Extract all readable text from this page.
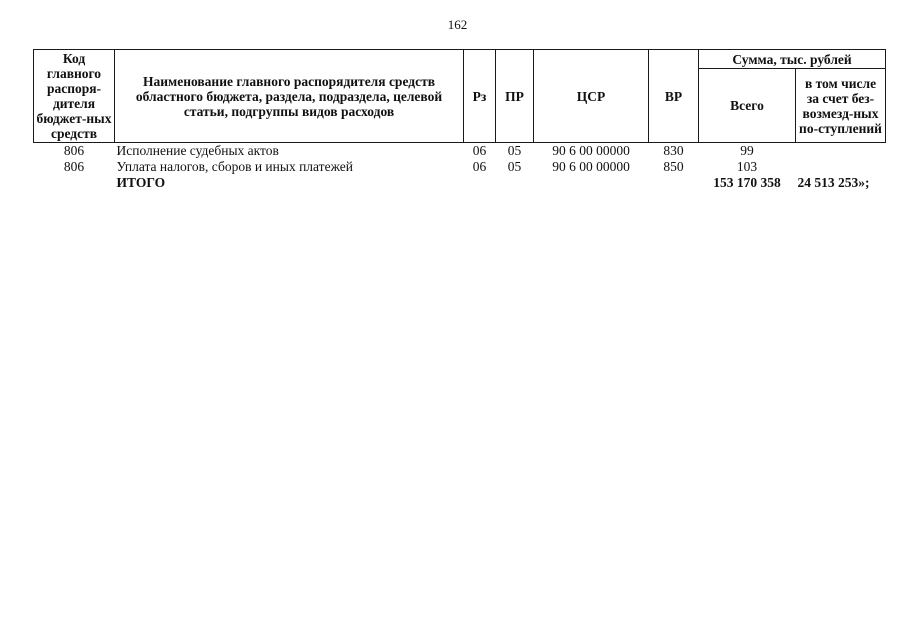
162
Код главного распоря-дителя бюджет-ных средств	Наименование главного распорядителя средств областного бюджета, раздела, подраздела, целевой статьи, подгруппы видов расходов	Рз	ПР	ЦСР	ВР	Сумма, тыс. рублей	
						Всего	в том числе за счет без-возмезд-ных по-ступлений
806	Исполнение судебных актов	06	05	90 6 00 00000	830	99	
806	Уплата налогов, сборов и иных платежей	06	05	90 6 00 00000	850	103	
	ИТОГО					153 170 358	24 513 253»;
